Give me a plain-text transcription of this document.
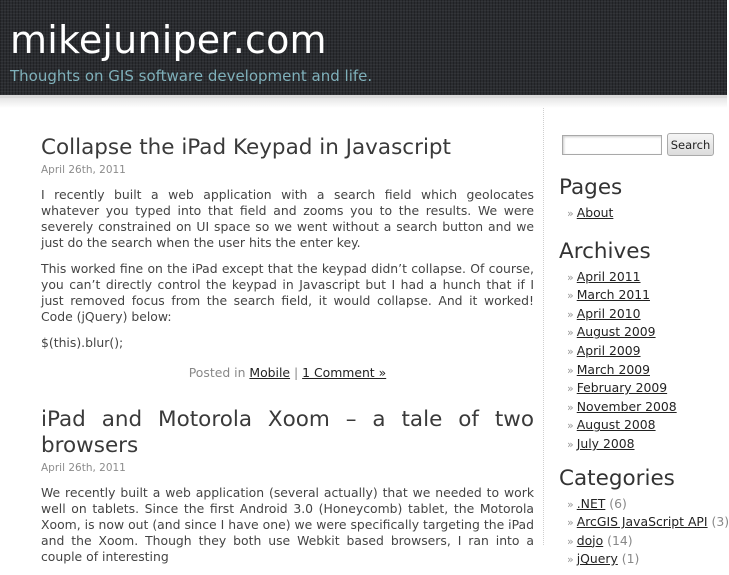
mikejuniper.com
Thoughts on GIS software development and life.
Collapse the iPad Keypad in Javascript
April 26th, 2011

I recently built a web application with a search field which geolocates whatever you typed into that field and zooms you to the results. We were severely constrained on UI space so we went without a search button and we just do the search when the user hits the enter key.

This worked fine on the iPad except that the keypad didn’t collapse. Of course, you can’t directly control the keypad in Javascript but I had a hunch that if I just removed focus from the search field, it would collapse. And it worked! Code (jQuery) below:

$(this).blur();

Posted in Mobile | 1 Comment »
iPad and Motorola Xoom – a tale of two browsers
April 26th, 2011

We recently built a web application (several actually) that we needed to work well on tablets. Since the first Android 3.0 (Honeycomb) tablet, the Motorola Xoom, is now out (and since I have one) we were specifically targeting the iPad and the Xoom. Though they both use Webkit based browsers, I ran into a couple of interesting

Search
Pages
» About
Archives
» April 2011
» March 2011
» April 2010
» August 2009
» April 2009
» March 2009
» February 2009
» November 2008
» August 2008
» July 2008
Categories
» .NET (6)
» ArcGIS JavaScript API (3)
» dojo (14)
» jQuery (1)
